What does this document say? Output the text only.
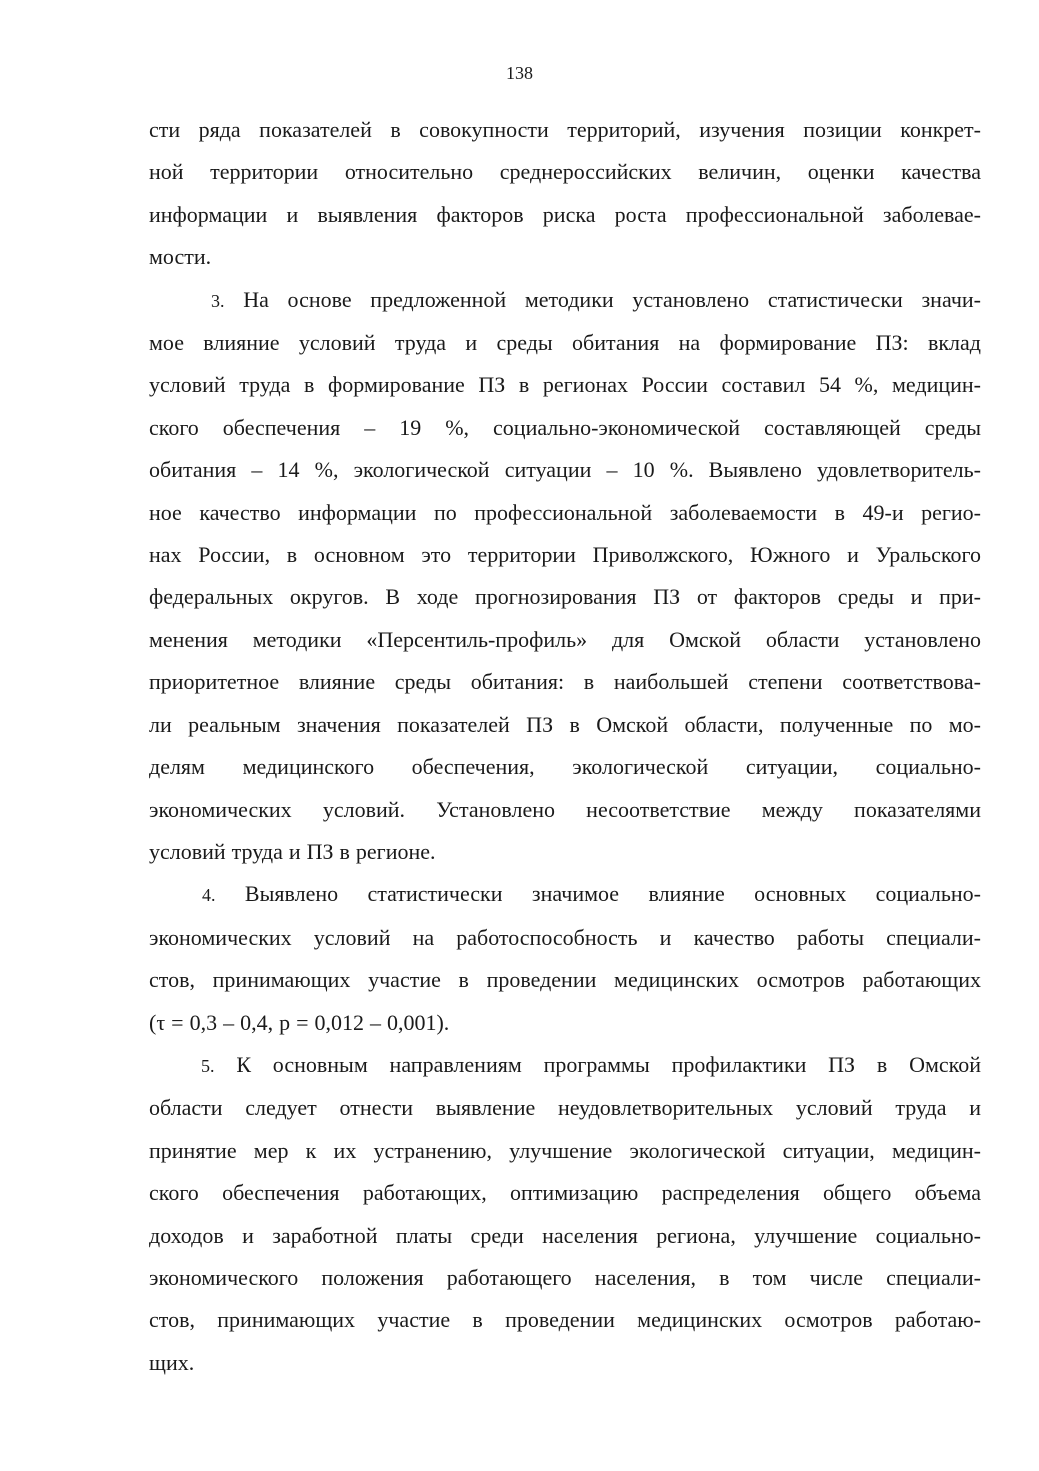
138

сти ряда показателей в совокупности территорий, изучения позиции конкрет-
ной территории относительно среднероссийских величин, оценки качества
информации и выявления факторов риска роста профессиональной заболевае-
мости.

3. На основе предложенной методики установлено статистически значи-
мое влияние условий труда и среды обитания на формирование ПЗ: вклад
условий труда в формирование ПЗ в регионах России составил 54 %, медицин-
ского обеспечения – 19 %, социально-экономической составляющей среды
обитания – 14 %, экологической ситуации – 10 %. Выявлено удовлетворитель-
ное качество информации по профессиональной заболеваемости в 49-и регио-
нах России, в основном это территории Приволжского, Южного и Уральского
федеральных округов. В ходе прогнозирования ПЗ от факторов среды и при-
менения методики «Персентиль-профиль» для Омской области установлено
приоритетное влияние среды обитания: в наибольшей степени соответствова-
ли реальным значения показателей ПЗ в Омской области, полученные по мо-
делям медицинского обеспечения, экологической ситуации, социально-
экономических условий. Установлено несоответствие между показателями
условий труда и ПЗ в регионе.

4. Выявлено статистически значимое влияние основных социально-
экономических условий на работоспособность и качество работы специали-
стов, принимающих участие в проведении медицинских осмотров работающих
(τ = 0,3 – 0,4, р = 0,012 – 0,001).

5. К основным направлениям программы профилактики ПЗ в Омской
области следует отнести выявление неудовлетворительных условий труда и
принятие мер к их устранению, улучшение экологической ситуации, медицин-
ского обеспечения работающих, оптимизацию распределения общего объема
доходов и заработной платы среди населения региона, улучшение социально-
экономического положения работающего населения, в том числе специали-
стов, принимающих участие в проведении медицинских осмотров работаю-
щих.
